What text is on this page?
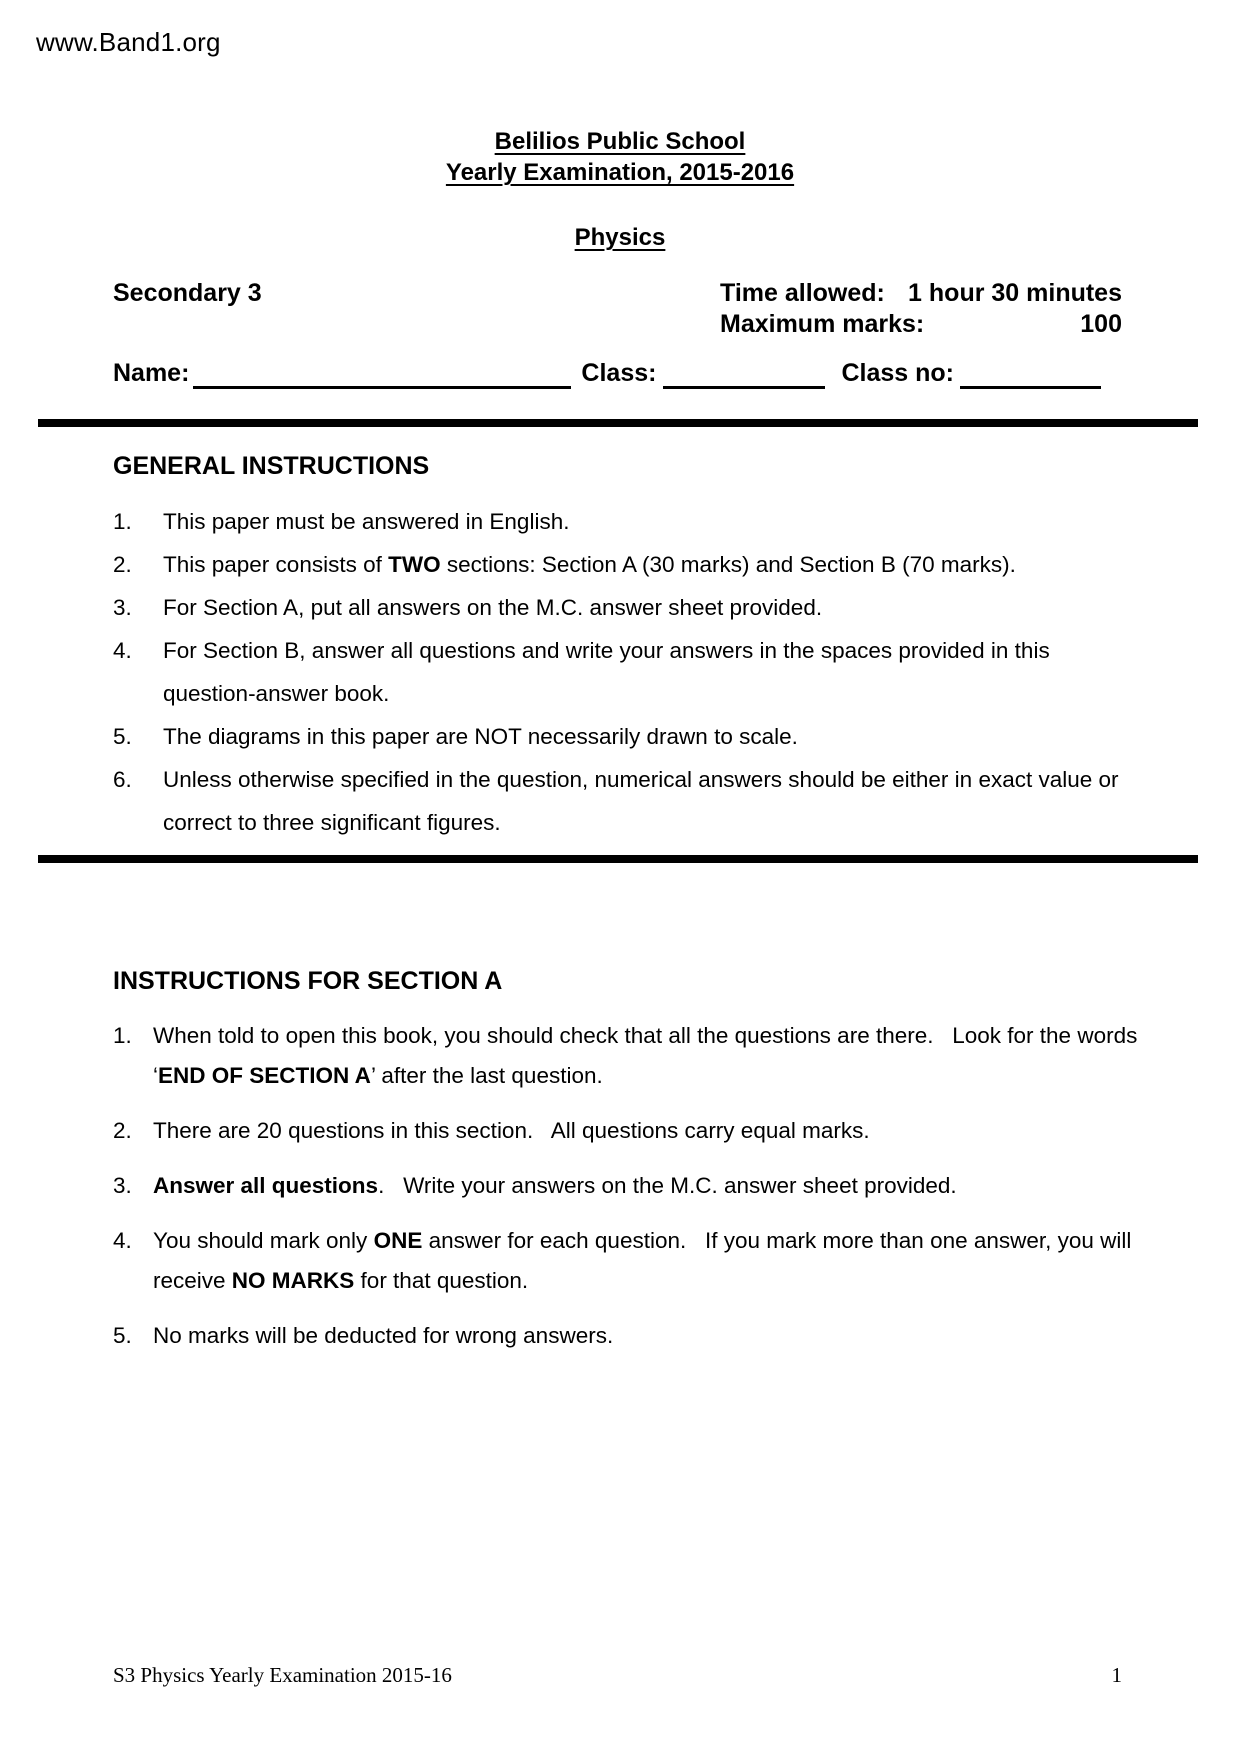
www.Band1.org
Belilios Public School
Yearly Examination, 2015-2016
Physics
Secondary 3	Time allowed: 1 hour 30 minutes
Maximum marks:	100
Name:	Class:	Class no:
GENERAL INSTRUCTIONS
1.	This paper must be answered in English.
2.	This paper consists of TWO sections: Section A (30 marks) and Section B (70 marks).
3.	For Section A, put all answers on the M.C. answer sheet provided.
4.	For Section B, answer all questions and write your answers in the spaces provided in this question-answer book.
5.	The diagrams in this paper are NOT necessarily drawn to scale.
6.	Unless otherwise specified in the question, numerical answers should be either in exact value or correct to three significant figures.
INSTRUCTIONS FOR SECTION A
1. When told to open this book, you should check that all the questions are there.   Look for the words ‘END OF SECTION A’ after the last question.
2. There are 20 questions in this section.   All questions carry equal marks.
3. Answer all questions.   Write your answers on the M.C. answer sheet provided.
4. You should mark only ONE answer for each question.   If you mark more than one answer, you will receive NO MARKS for that question.
5. No marks will be deducted for wrong answers.
S3 Physics Yearly Examination 2015-16	1
